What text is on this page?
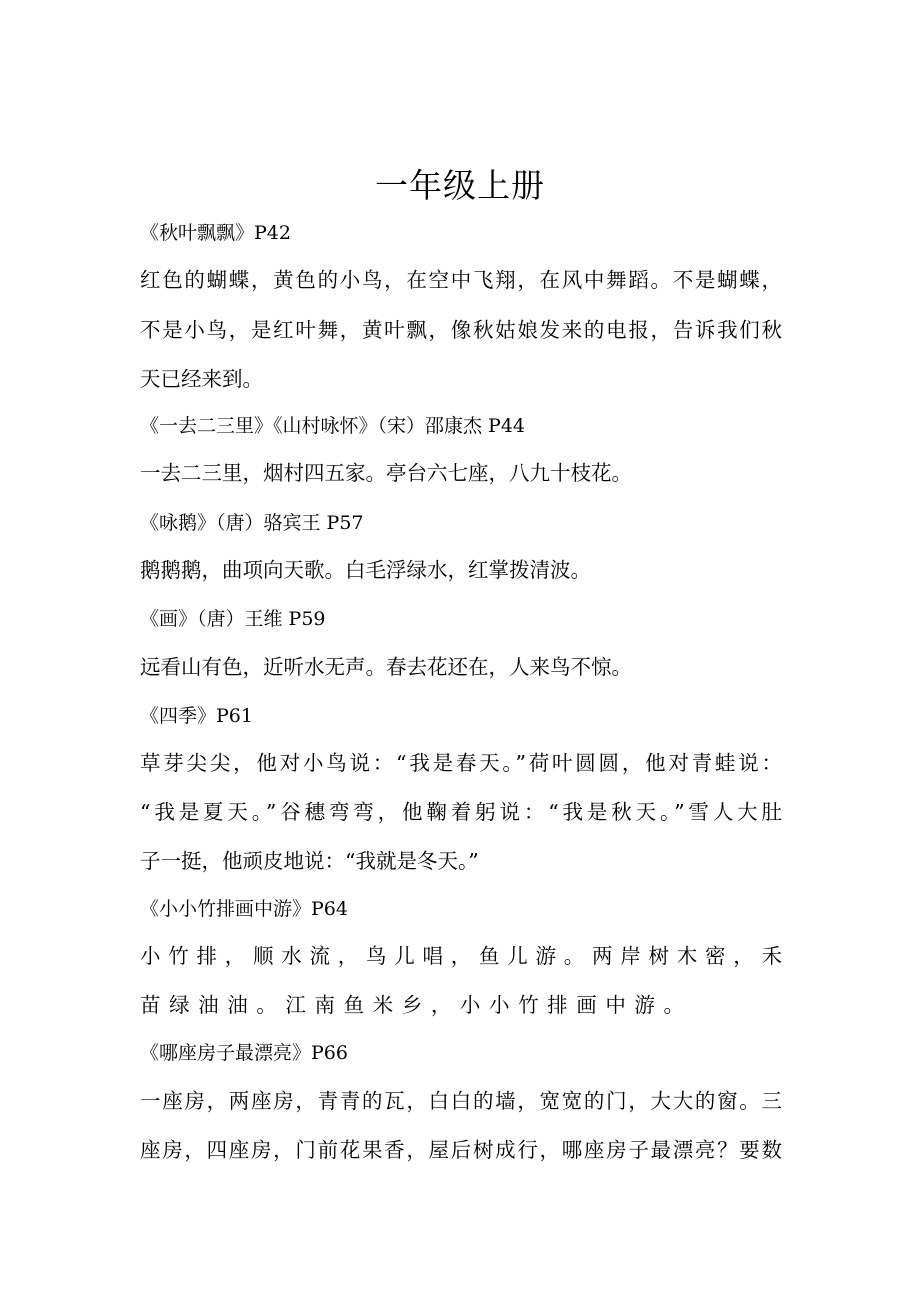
一年级上册
《秋叶飘飘》P42
红色的蝴蝶，黄色的小鸟，在空中飞翔，在风中舞蹈。不是蝴蝶，
不是小鸟，是红叶舞，黄叶飘，像秋姑娘发来的电报，告诉我们秋
天已经来到。
《一去二三里》《山村咏怀》（宋）邵康杰 P44
一去二三里，烟村四五家。亭台六七座，八九十枝花。
《咏鹅》（唐）骆宾王 P57
鹅鹅鹅，曲项向天歌。白毛浮绿水，红掌拨清波。
《画》（唐）王维 P59
远看山有色，近听水无声。春去花还在，人来鸟不惊。
《四季》P61
草芽尖尖，他对小鸟说：“我是春天。”荷叶圆圆，他对青蛙说：
“我是夏天。”谷穗弯弯，他鞠着躬说：“我是秋天。”雪人大肚
子一挺，他顽皮地说：“我就是冬天。”
《小小竹排画中游》P64
小竹排，顺水流，鸟儿唱，鱼儿游。两岸树木密，禾
苗绿油油。江南鱼米乡，小小竹排画中游。
《哪座房子最漂亮》P66
一座房，两座房，青青的瓦，白白的墙，宽宽的门，大大的窗。三
座房，四座房，门前花果香，屋后树成行，哪座房子最漂亮？要数
